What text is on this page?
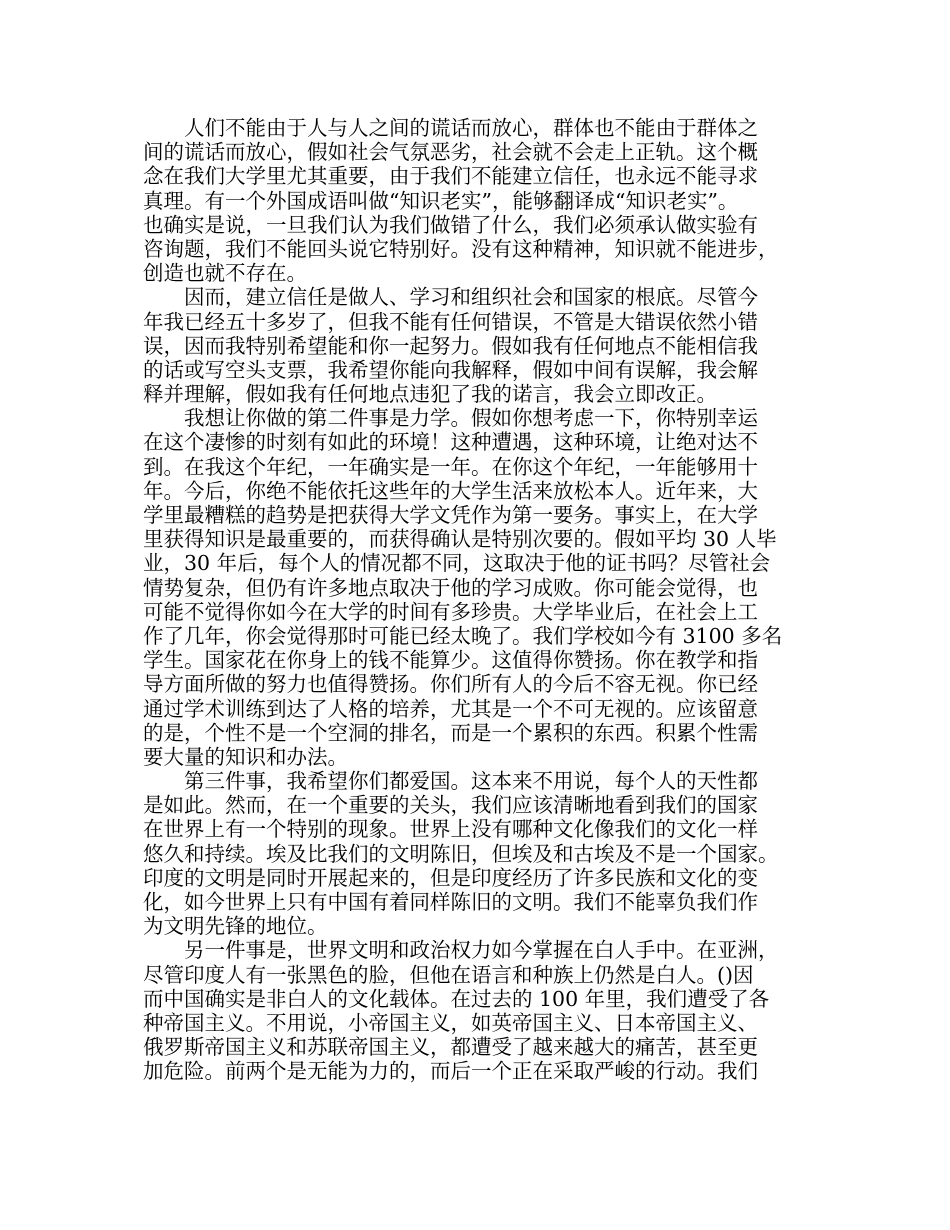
人们不能由于人与人之间的谎话而放心，群体也不能由于群体之
间的谎话而放心，假如社会气氛恶劣，社会就不会走上正轨。这个概
念在我们大学里尤其重要，由于我们不能建立信任，也永远不能寻求
真理。有一个外国成语叫做“知识老实”，能够翻译成“知识老实”。
也确实是说，一旦我们认为我们做错了什么，我们必须承认做实验有
咨询题，我们不能回头说它特别好。没有这种精神，知识就不能进步，
创造也就不存在。
因而，建立信任是做人、学习和组织社会和国家的根底。尽管今
年我已经五十多岁了，但我不能有任何错误，不管是大错误依然小错
误，因而我特别希望能和你一起努力。假如我有任何地点不能相信我
的话或写空头支票，我希望你能向我解释，假如中间有误解，我会解
释并理解，假如我有任何地点违犯了我的诺言，我会立即改正。
我想让你做的第二件事是力学。假如你想考虑一下，你特别幸运
在这个凄惨的时刻有如此的环境！这种遭遇，这种环境，让绝对达不
到。在我这个年纪，一年确实是一年。在你这个年纪，一年能够用十
年。今后，你绝不能依托这些年的大学生活来放松本人。近年来，大
学里最糟糕的趋势是把获得大学文凭作为第一要务。事实上，在大学
里获得知识是最重要的，而获得确认是特别次要的。假如平均 30 人毕
业，30 年后，每个人的情况都不同，这取决于他的证书吗？尽管社会
情势复杂，但仍有许多地点取决于他的学习成败。你可能会觉得，也
可能不觉得你如今在大学的时间有多珍贵。大学毕业后，在社会上工
作了几年，你会觉得那时可能已经太晚了。我们学校如今有 3100 多名
学生。国家花在你身上的钱不能算少。这值得你赞扬。你在教学和指
导方面所做的努力也值得赞扬。你们所有人的今后不容无视。你已经
通过学术训练到达了人格的培养，尤其是一个不可无视的。应该留意
的是，个性不是一个空洞的排名，而是一个累积的东西。积累个性需
要大量的知识和办法。
第三件事，我希望你们都爱国。这本来不用说，每个人的天性都
是如此。然而，在一个重要的关头，我们应该清晰地看到我们的国家
在世界上有一个特别的现象。世界上没有哪种文化像我们的文化一样
悠久和持续。埃及比我们的文明陈旧，但埃及和古埃及不是一个国家。
印度的文明是同时开展起来的，但是印度经历了许多民族和文化的变
化，如今世界上只有中国有着同样陈旧的文明。我们不能辜负我们作
为文明先锋的地位。
另一件事是，世界文明和政治权力如今掌握在白人手中。在亚洲，
尽管印度人有一张黑色的脸，但他在语言和种族上仍然是白人。()因
而中国确实是非白人的文化载体。在过去的 100 年里，我们遭受了各
种帝国主义。不用说，小帝国主义，如英帝国主义、日本帝国主义、
俄罗斯帝国主义和苏联帝国主义，都遭受了越来越大的痛苦，甚至更
加危险。前两个是无能为力的，而后一个正在采取严峻的行动。我们
